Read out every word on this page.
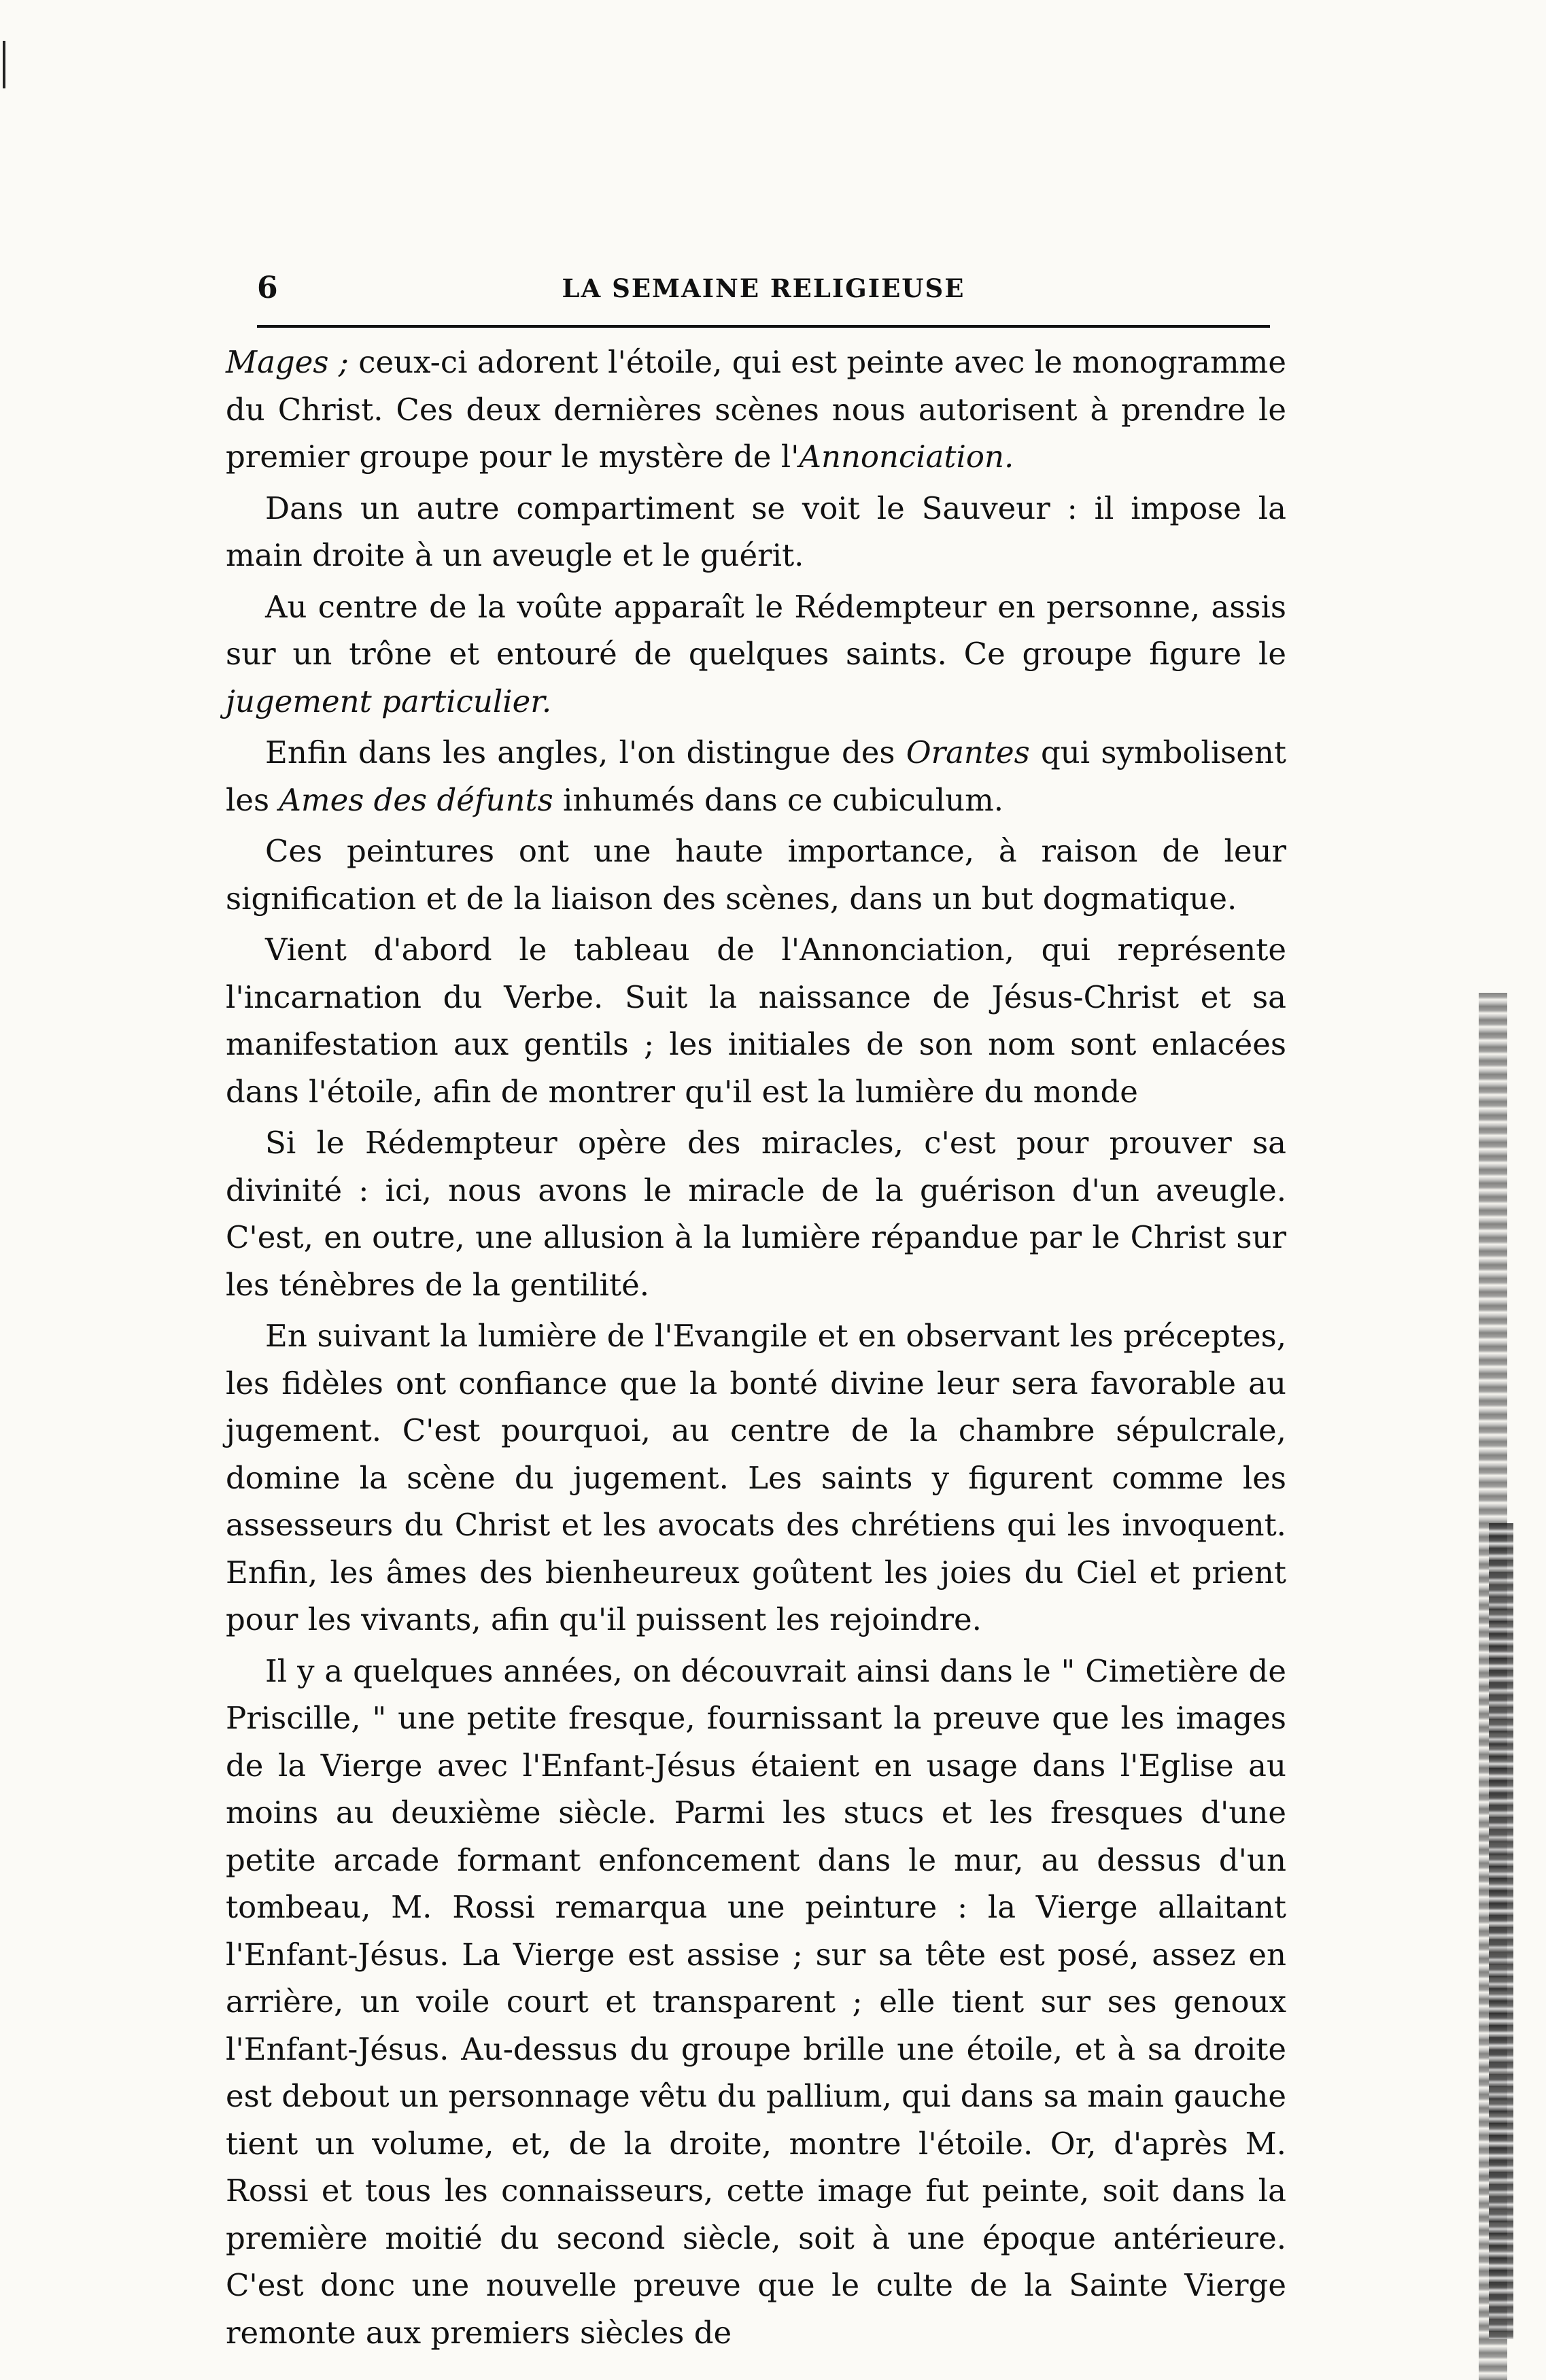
6	LA SEMAINE RELIGIEUSE

Mages ; ceux-ci adorent l'étoile, qui est peinte avec le monogramme du Christ. Ces deux dernières scènes nous autorisent à prendre le premier groupe pour le mystère de l'Annonciation.

Dans un autre compartiment se voit le Sauveur : il impose la main droite à un aveugle et le guérit.

Au centre de la voûte apparaît le Rédempteur en personne, assis sur un trône et entouré de quelques saints. Ce groupe figure le jugement particulier.

Enfin dans les angles, l'on distingue des Orantes qui symbolisent les Ames des défunts inhumés dans ce cubiculum.

Ces peintures ont une haute importance, à raison de leur signification et de la liaison des scènes, dans un but dogmatique.

Vient d'abord le tableau de l'Annonciation, qui représente l'incarnation du Verbe. Suit la naissance de Jésus-Christ et sa manifestation aux gentils ; les initiales de son nom sont enlacées dans l'étoile, afin de montrer qu'il est la lumière du monde

Si le Rédempteur opère des miracles, c'est pour prouver sa divinité : ici, nous avons le miracle de la guérison d'un aveugle. C'est, en outre, une allusion à la lumière répandue par le Christ sur les ténèbres de la gentilité.

En suivant la lumière de l'Evangile et en observant les préceptes, les fidèles ont confiance que la bonté divine leur sera favorable au jugement. C'est pourquoi, au centre de la chambre sépulcrale, domine la scène du jugement. Les saints y figurent comme les assesseurs du Christ et les avocats des chrétiens qui les invoquent. Enfin, les âmes des bienheureux goûtent les joies du Ciel et prient pour les vivants, afin qu'il puissent les rejoindre.

Il y a quelques années, on découvrait ainsi dans le " Cimetière de Priscille, " une petite fresque, fournissant la preuve que les images de la Vierge avec l'Enfant-Jésus étaient en usage dans l'Eglise au moins au deuxième siècle. Parmi les stucs et les fresques d'une petite arcade formant enfoncement dans le mur, au dessus d'un tombeau, M. Rossi remarqua une peinture : la Vierge allaitant l'Enfant-Jésus. La Vierge est assise ; sur sa tête est posé, assez en arrière, un voile court et transparent ; elle tient sur ses genoux l'Enfant-Jésus. Au-dessus du groupe brille une étoile, et à sa droite est debout un personnage vêtu du pallium, qui dans sa main gauche tient un volume, et, de la droite, montre l'étoile. Or, d'après M. Rossi et tous les connaisseurs, cette image fut peinte, soit dans la première moitié du second siècle, soit à une époque antérieure. C'est donc une nouvelle preuve que le culte de la Sainte Vierge remonte aux premiers siècles de
